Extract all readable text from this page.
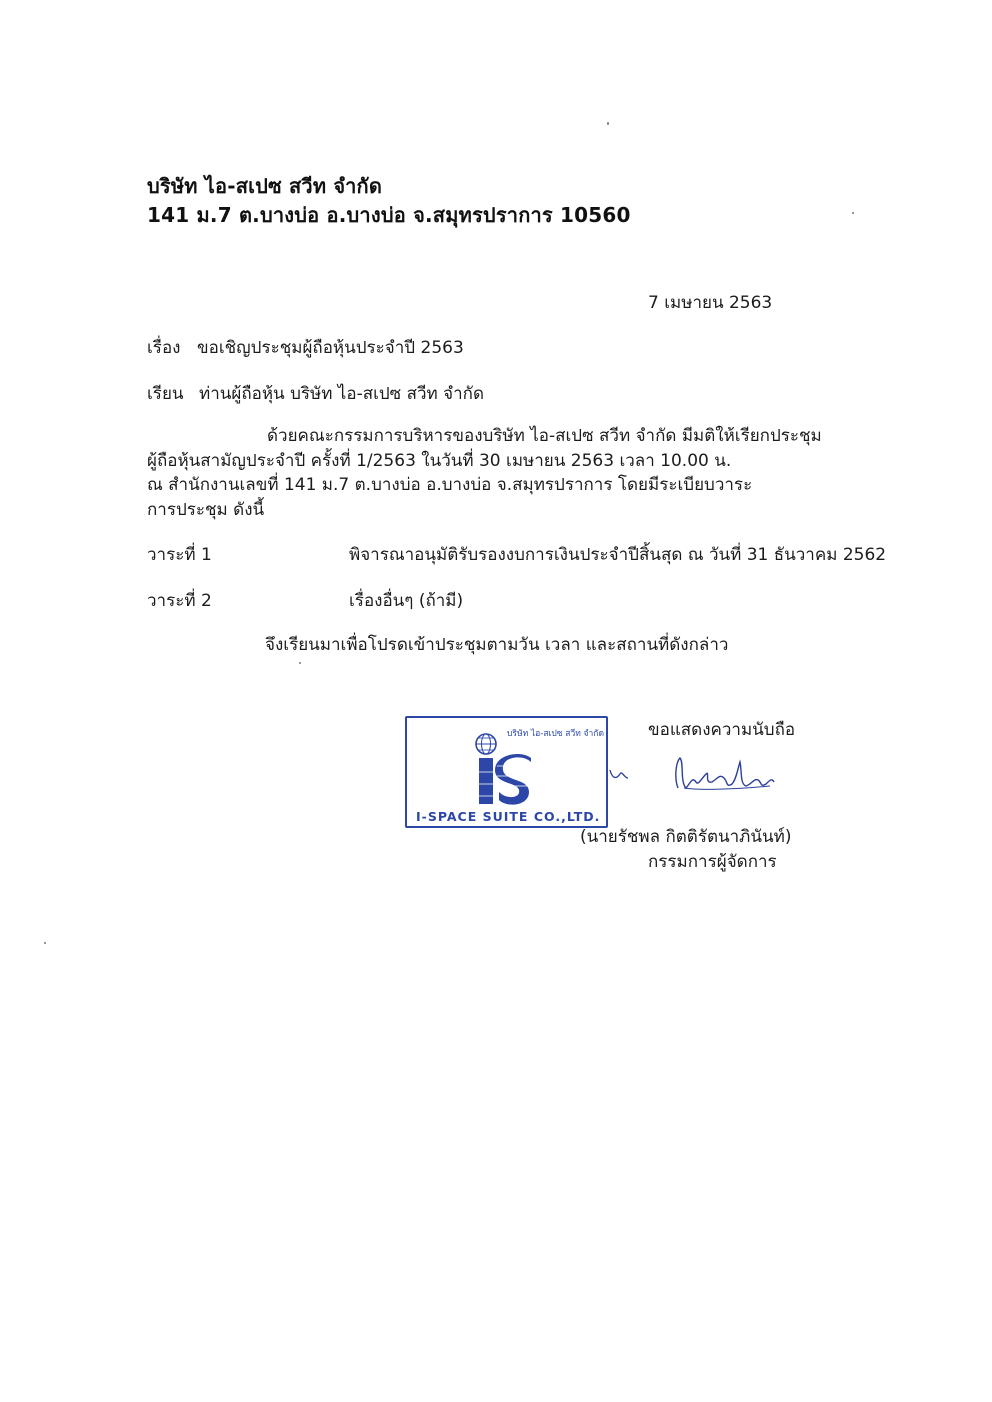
บริษัท ไอ-สเปซ สวีท จำกัด
141 ม.7 ต.บางบ่อ อ.บางบ่อ จ.สมุทรปราการ 10560
7 เมษายน 2563
เรื่อง ขอเชิญประชุมผู้ถือหุ้นประจำปี 2563
เรียน ท่านผู้ถือหุ้น บริษัท ไอ-สเปซ สวีท จำกัด
ด้วยคณะกรรมการบริหารของบริษัท ไอ-สเปซ สวีท จำกัด มีมติให้เรียกประชุม
ผู้ถือหุ้นสามัญประจำปี ครั้งที่ 1/2563 ในวันที่ 30 เมษายน 2563 เวลา 10.00 น.
ณ สำนักงานเลขที่ 141 ม.7 ต.บางบ่อ อ.บางบ่อ จ.สมุทรปราการ โดยมีระเบียบวาระ
การประชุม ดังนี้
วาระที่ 1	พิจารณาอนุมัติรับรองงบการเงินประจำปีสิ้นสุด ณ วันที่ 31 ธันวาคม 2562
วาระที่ 2	เรื่องอื่นๆ (ถ้ามี)
จึงเรียนมาเพื่อโปรดเข้าประชุมตามวัน เวลา และสถานที่ดังกล่าว
ขอแสดงความนับถือ
บริษัท ไอ-สเปซ สวีท จำกัด
I-SPACE SUITE CO.,LTD.
(นายรัชพล กิตติรัตนาภินันท์)
กรรมการผู้จัดการ
